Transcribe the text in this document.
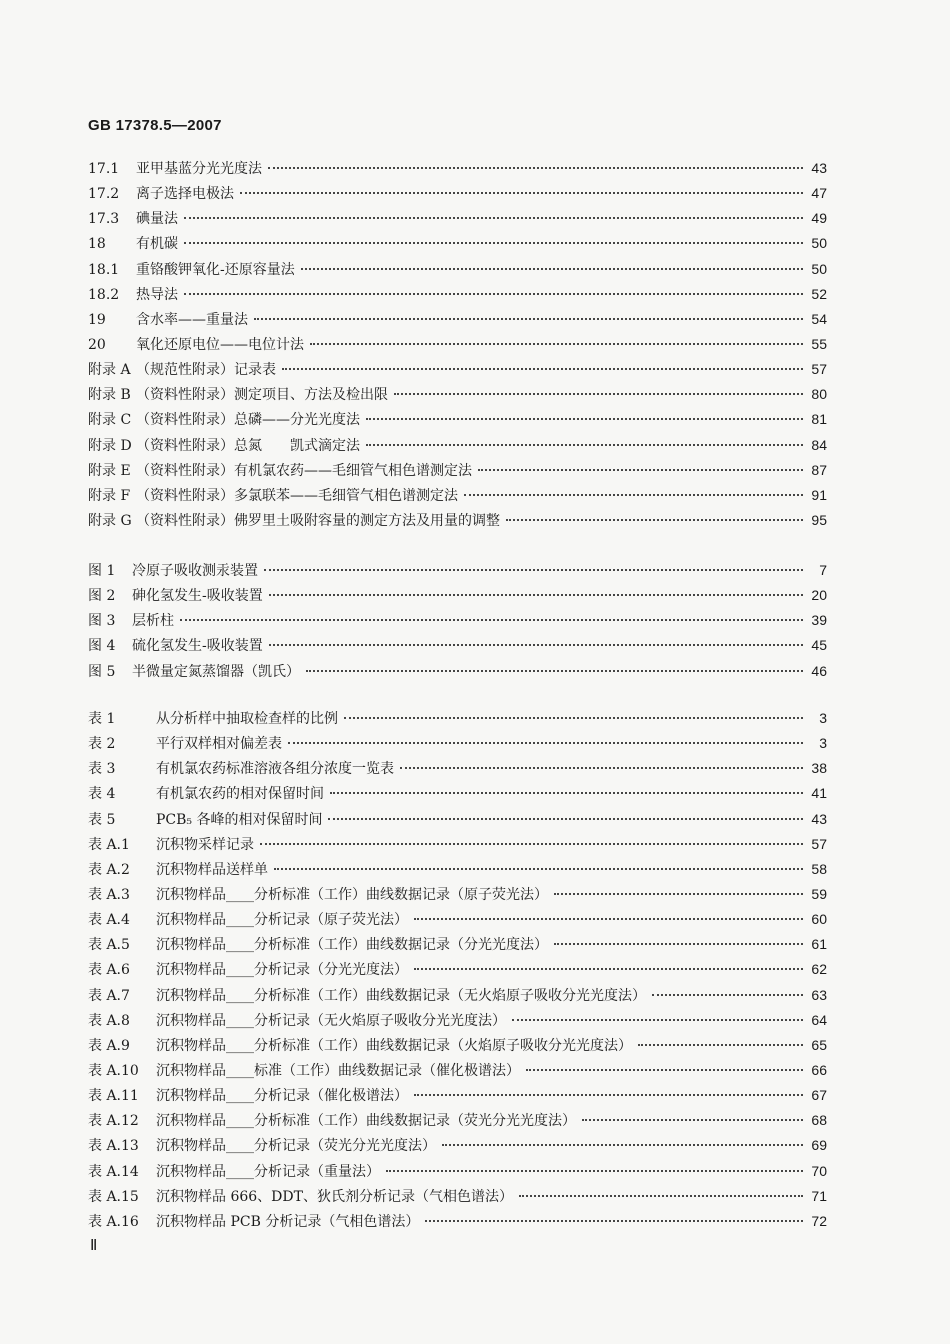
GB 17378.5—2007
17.1	亚甲基蓝分光光度法	43
17.2	离子选择电极法	47
17.3	碘量法	49
18	有机碳	50
18.1	重铬酸钾氧化-还原容量法	50
18.2	热导法	52
19	含水率——重量法	54
20	氧化还原电位——电位计法	55
附录 A （规范性附录）记录表	57
附录 B （资料性附录）测定项目、方法及检出限	80
附录 C （资料性附录）总磷——分光光度法	81
附录 D （资料性附录）总氮　　凯式滴定法	84
附录 E （资料性附录）有机氯农药——毛细管气相色谱测定法	87
附录 F （资料性附录）多氯联苯——毛细管气相色谱测定法	91
附录 G （资料性附录）佛罗里土吸附容量的测定方法及用量的调整	95
图 1	冷原子吸收测汞装置	7
图 2	砷化氢发生-吸收装置	20
图 3	层析柱	39
图 4	硫化氢发生-吸收装置	45
图 5	半微量定氮蒸馏器（凯氏）	46
表 1	从分析样中抽取检查样的比例	3
表 2	平行双样相对偏差表	3
表 3	有机氯农药标准溶液各组分浓度一览表	38
表 4	有机氯农药的相对保留时间	41
表 5	PCB₅ 各峰的相对保留时间	43
表 A.1	沉积物采样记录	57
表 A.2	沉积物样品送样单	58
表 A.3	沉积物样品____分析标准（工作）曲线数据记录（原子荧光法）	59
表 A.4	沉积物样品____分析记录（原子荧光法）	60
表 A.5	沉积物样品____分析标准（工作）曲线数据记录（分光光度法）	61
表 A.6	沉积物样品____分析记录（分光光度法）	62
表 A.7	沉积物样品____分析标准（工作）曲线数据记录（无火焰原子吸收分光光度法）	63
表 A.8	沉积物样品____分析记录（无火焰原子吸收分光光度法）	64
表 A.9	沉积物样品____分析标准（工作）曲线数据记录（火焰原子吸收分光光度法）	65
表 A.10	沉积物样品____标准（工作）曲线数据记录（催化极谱法）	66
表 A.11	沉积物样品____分析记录（催化极谱法）	67
表 A.12	沉积物样品____分析标准（工作）曲线数据记录（荧光分光光度法）	68
表 A.13	沉积物样品____分析记录（荧光分光光度法）	69
表 A.14	沉积物样品____分析记录（重量法）	70
表 A.15	沉积物样品 666、DDT、狄氏剂分析记录（气相色谱法）	71
表 A.16	沉积物样品 PCB 分析记录（气相色谱法）	72
Ⅱ
